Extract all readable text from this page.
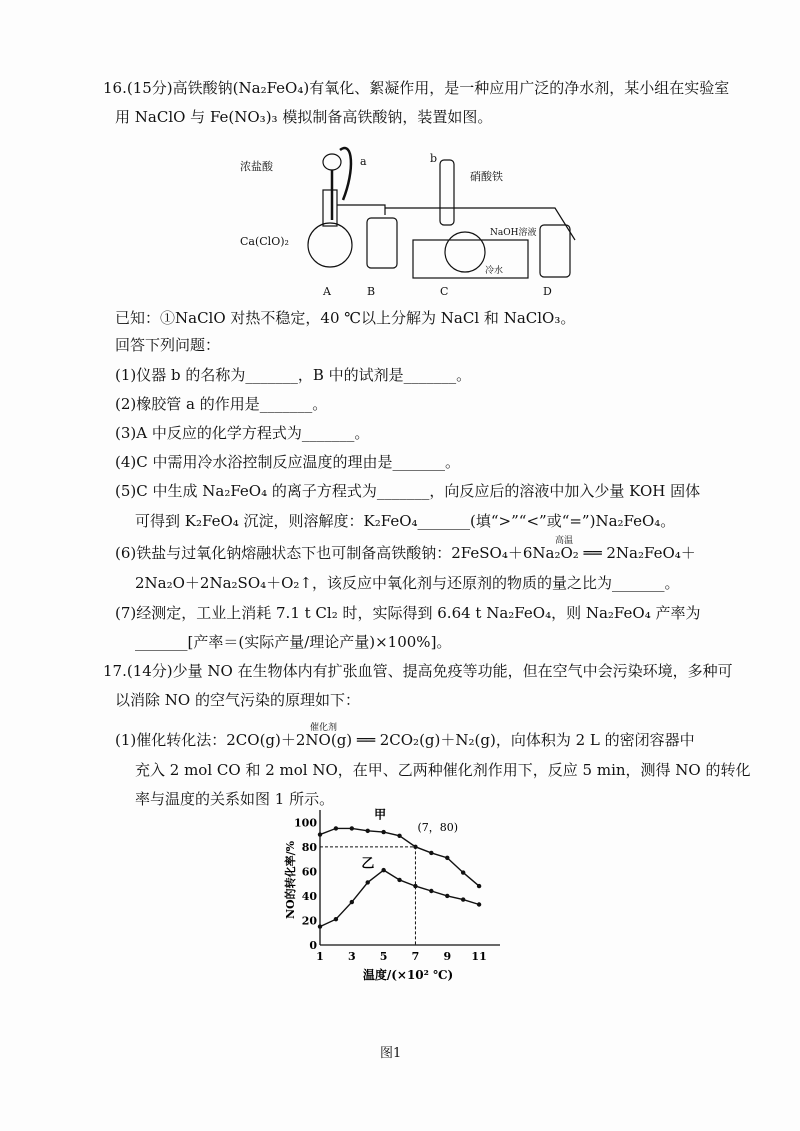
16.(15分)高铁酸钠(Na₂FeO₄)有氧化、絮凝作用，是一种应用广泛的净水剂，某小组在实验室
用 NaClO 与 Fe(NO₃)₃ 模拟制备高铁酸钠，装置如图。
浓盐酸	a
Ca(ClO)₂
b
硝酸铁
NaOH溶液
冷水
A	B	C	D
已知：①NaClO 对热不稳定，40 ℃以上分解为 NaCl 和 NaClO₃。
回答下列问题：
(1)仪器 b 的名称为_______，B 中的试剂是_______。
(2)橡胶管 a 的作用是_______。
(3)A 中反应的化学方程式为_______。
(4)C 中需用冷水浴控制反应温度的理由是_______。
(5)C 中生成 Na₂FeO₄ 的离子方程式为_______，向反应后的溶液中加入少量 KOH 固体
可得到 K₂FeO₄ 沉淀，则溶解度：K₂FeO₄_______(填“>”“<”或“=”)Na₂FeO₄。
高温
(6)铁盐与过氧化钠熔融状态下也可制备高铁酸钠：2FeSO₄＋6Na₂O₂ ══ 2Na₂FeO₄＋
2Na₂O＋2Na₂SO₄＋O₂↑，该反应中氧化剂与还原剂的物质的量之比为_______。
(7)经测定，工业上消耗 7.1 t Cl₂ 时，实际得到 6.64 t Na₂FeO₄，则 Na₂FeO₄ 产率为
_______[产率＝(实际产量/理论产量)×100%]。
17.(14分)少量 NO 在生物体内有扩张血管、提高免疫等功能，但在空气中会污染环境，多种可
以消除 NO 的空气污染的原理如下：
催化剂
(1)催化转化法：2CO(g)＋2NO(g) ══ 2CO₂(g)＋N₂(g)，向体积为 2 L 的密闭容器中
充入 2 mol CO 和 2 mol NO，在甲、乙两种催化剂作用下，反应 5 min，测得 NO 的转化
率与温度的关系如图 1 所示。
1 3 5 7 9 11
0
20
40
60
80
100
温度/(×10² ℃)
NO的转化率/%
(7，80)
甲
乙
图1
